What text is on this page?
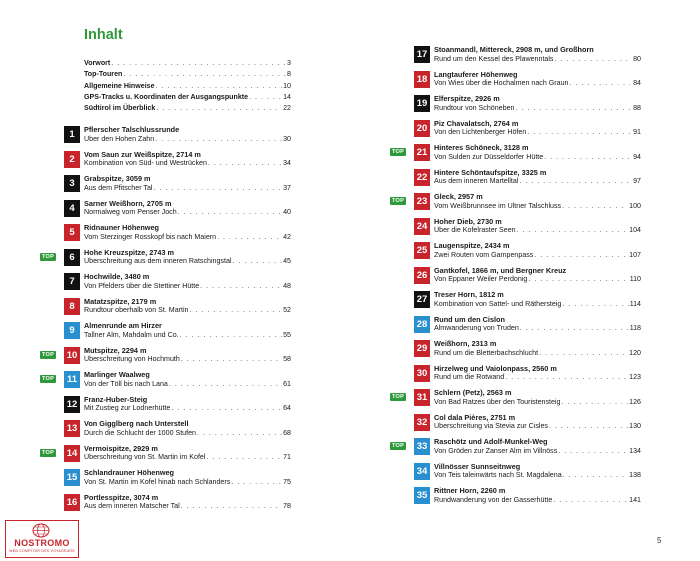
Inhalt
Vorwort . . .	3
Top-Touren . . .	8
Allgemeine Hinweise . . .	10
GPS-Tracks u. Koordinaten der Ausgangspunkte . . .	14
Südtirol im Überblick . . .	22
1	Pflerscher Talschlussrunde
Über den Hohen Zahn . . .	30
2	Vom Saun zur Weißspitze, 2714 m
Kombination von Süd- und Westrücken . . .	34
3	Grabspitze, 3059 m
Aus dem Pfitscher Tal . . .	37
4	Sarner Weißhorn, 2705 m
Normalweg vom Penser Joch . . .	40
5	Ridnauner Höhenweg
Vom Sterzinger Rosskopf bis nach Maiern . . .	42
TOP	6	Hohe Kreuzspitze, 2743 m
Überschreitung aus dem inneren Ratschingstal . . .	45
7	Hochwilde, 3480 m
Von Pfelders über die Stettiner Hütte . . .	48
8	Matatzspitze, 2179 m
Rundtour oberhalb von St. Martin . . .	52
9	Almenrunde am Hirzer
Tallner Alm, Mahdalm und Co. . . .	55
TOP 10 Mutspitze, 2294 m
Überschreitung von Hochmuth . . .	58
TOP	11 Marlinger Waalweg
Von der Töll bis nach Lana . . .	61
12 Franz-Huber-Steig
Mit Zustieg zur Lodnerhütte . . .	64
13 Von Gigglberg nach Unterstell
Durch die Schlucht der 1000 Stufen . . .	68
TOP 14 Vermoispitze, 2929 m
Überschreitung von St. Martin im Kofel . . .	71
15 Schlandrauner Höhenweg
Von St. Martin im Kofel hinab nach Schlanders . . .	75
16 Portlesspitze, 3074 m
Aus dem inneren Matscher Tal . . .	78
17 Stoanmandl, Mittereck, 2908 m, und Großhorn
Rund um den Kessel des Plawenntals . . .	80
18 Langtauferer Höhenweg
Von Wies über die Hochalmen nach Graun . . .	84
19 Elferspitze, 2926 m
Rundtour von Schöneben . . .	88
20 Piz Chavalatsch, 2764 m
Von den Lichtenberger Höfen . . .	91
TOP 21 Hinteres Schöneck, 3128 m
Von Sulden zur Düsseldorfer Hütte . . .	94
22 Hintere Schöntaufspitze, 3325 m
Aus dem inneren Martelltal . . .	97
TOP 23 Gleck, 2957 m
Vom Weißbrunnsee im Ultner Talschluss . . .	100
24 Hoher Dieb, 2730 m
Über die Kofelraster Seen . . .	104
25 Laugenspitze, 2434 m
Zwei Routen vom Gampenpass . . .	107
26 Gantkofel, 1866 m, und Bergner Kreuz
Von Eppaner Weiler Perdonig . . .	110
27 Treser Horn, 1812 m
Kombination von Sattel- und Räthersteig . . .	114
28 Rund um den Cislon
Almwanderung von Truden . . .	118
29 Weißhorn, 2313 m
Rund um die Bletterbachschlucht . . .	120
30 Hirzelweg und Vaiolonpass, 2560 m
Rund um die Rotwand . . .	123
TOP 31 Schlern (Petz), 2563 m
Von Bad Ratzes über den Touristensteig . . .	126
32 Col dala Pières, 2751 m
Überschreitung via Stevia zur Cisles . . .	130
TOP 33 Raschötz und Adolf-Munkel-Weg
Von Gröden zur Zanser Alm im Villnöss . . .	134
34 Villnösser Sunnseitnweg
Von Teis taleinwärts nach St. Magdalena . . .	138
35 Rittner Horn, 2260 m
Rundwanderung von der Gasserhütte . . .	141
5
NOSTROMO
WEB COMPTOIR DES VOYAGEURS
